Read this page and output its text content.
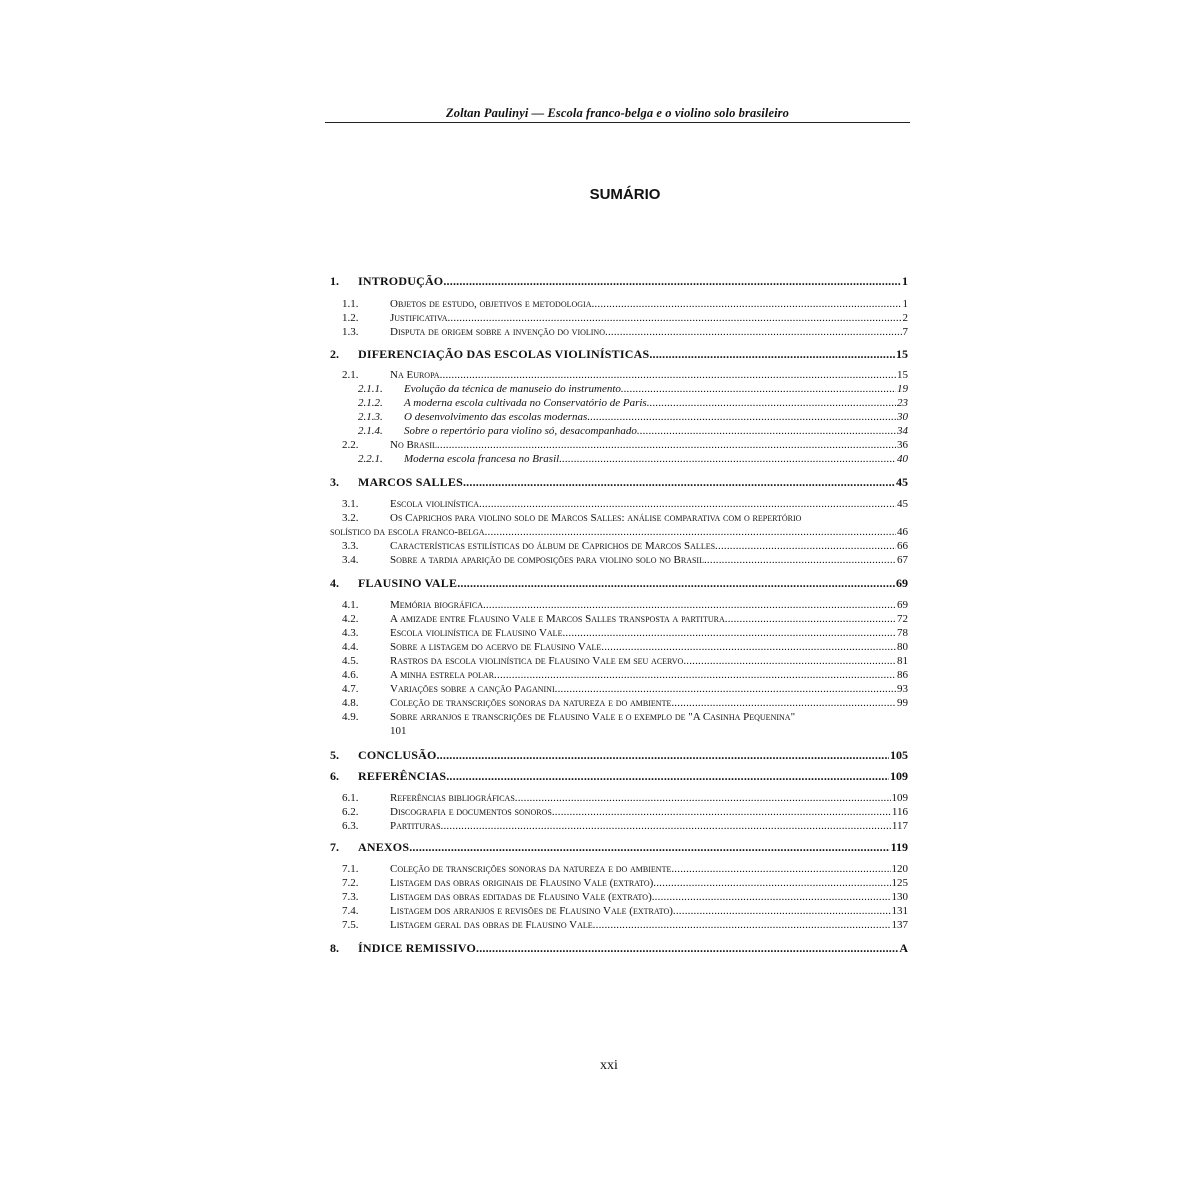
Zoltan Paulinyi — Escola franco-belga e o violino solo brasileiro
SUMÁRIO
1.	INTRODUÇÃO .....	1
1.1.	Objetos de estudo, objetivos e metodologia .....	1
1.2.	Justificativa .....	2
1.3.	Disputa de origem sobre a invenção do violino .....	7
2.	DIFERENCIAÇÃO DAS ESCOLAS VIOLINÍSTICAS .....	15
2.1.	Na Europa .....	15
2.1.1.	Evolução da técnica de manuseio do instrumento .....	19
2.1.2.	A moderna escola cultivada no Conservatório de Paris .....	23
2.1.3.	O desenvolvimento das escolas modernas .....	30
2.1.4.	Sobre o repertório para violino só, desacompanhado .....	34
2.2.	No Brasil .....	36
2.2.1.	Moderna escola francesa no Brasil .....	40
3.	MARCOS SALLES .....	45
3.1.	Escola violinística .....	45
3.2.	Os Caprichos para violino solo de Marcos Salles: análise comparativa com o repertório
solístico da escola franco-belga .....	46
3.3.	Características estilísticas do álbum de Caprichos de Marcos Salles .....	66
3.4.	Sobre a tardia aparição de composições para violino solo no Brasil .....	67
4.	FLAUSINO VALE .....	69
4.1.	Memória biográfica .....	69
4.2.	A amizade entre Flausino Vale e Marcos Salles transposta a partitura .....	72
4.3.	Escola violinística de Flausino Vale .....	78
4.4.	Sobre a listagem do acervo de Flausino Vale .....	80
4.5.	Rastros da escola violinística de Flausino Vale em seu acervo .....	81
4.6.	A minha estrela polar .....	86
4.7.	Variações sobre a canção Paganini .....	93
4.8.	Coleção de transcrições sonoras da natureza e do ambiente .....	99
4.9.	Sobre arranjos e transcrições de Flausino Vale e o exemplo de "A Casinha Pequenina"
101
5.	CONCLUSÃO .....	105
6.	REFERÊNCIAS .....	109
6.1.	Referências bibliográficas .....	109
6.2.	Discografia e documentos sonoros .....	116
6.3.	Partituras .....	117
7.	ANEXOS .....	119
7.1.	Coleção de transcrições sonoras da natureza e do ambiente .....	120
7.2.	Listagem das obras originais de Flausino Vale (extrato) .....	125
7.3.	Listagem das obras editadas de Flausino Vale (extrato) .....	130
7.4.	Listagem dos arranjos e revisões de Flausino Vale (extrato) .....	131
7.5.	Listagem geral das obras de Flausino Vale .....	137
8.	ÍNDICE REMISSIVO .....	A
xxi
